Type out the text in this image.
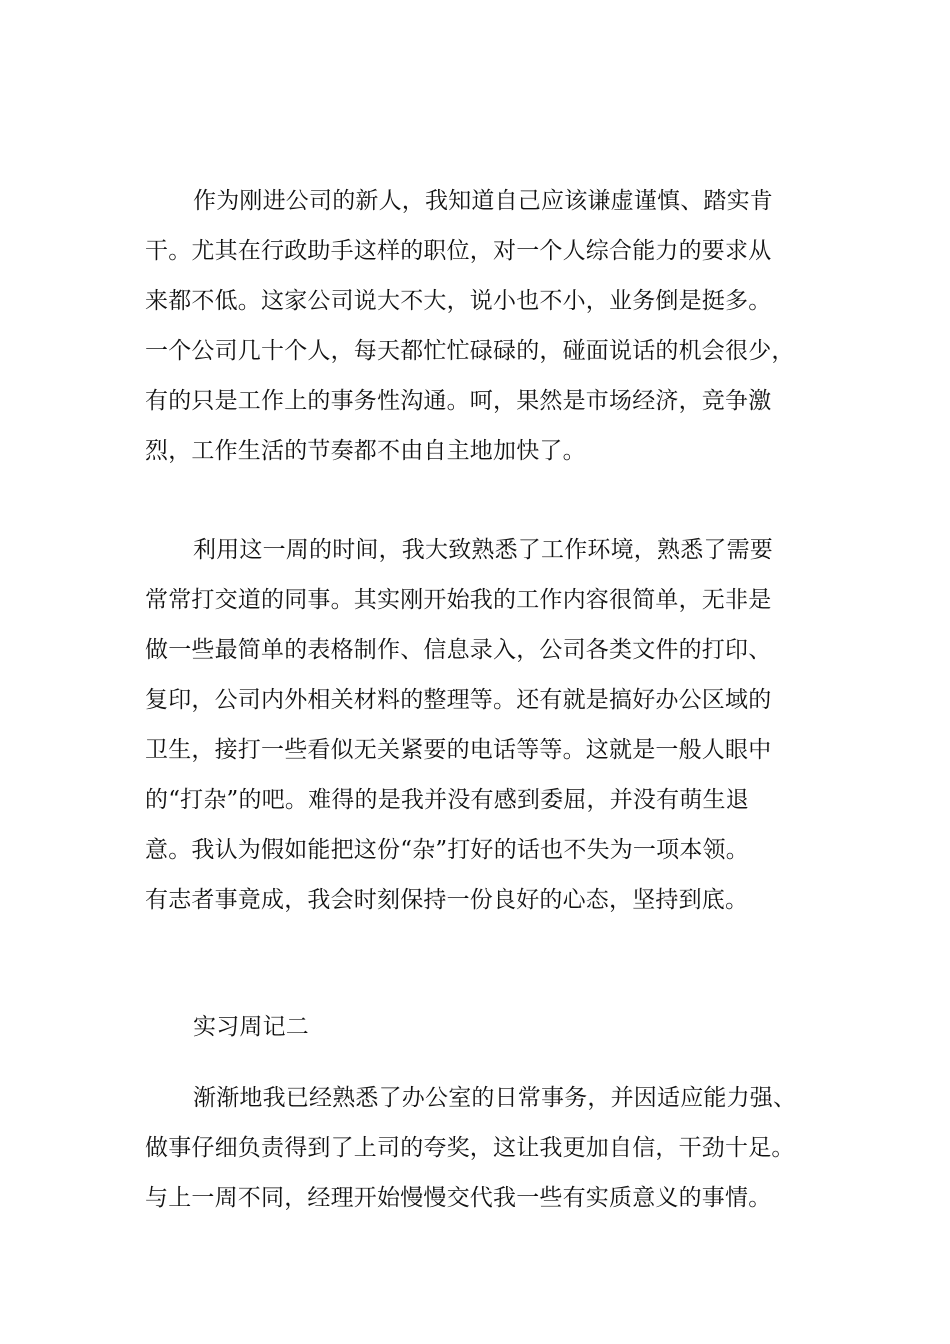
作为刚进公司的新人，我知道自己应该谦虚谨慎、踏实肯
干。尤其在行政助手这样的职位，对一个人综合能力的要求从
来都不低。这家公司说大不大，说小也不小，业务倒是挺多。
一个公司几十个人，每天都忙忙碌碌的，碰面说话的机会很少，
有的只是工作上的事务性沟通。呵，果然是市场经济，竞争激
烈，工作生活的节奏都不由自主地加快了。
利用这一周的时间，我大致熟悉了工作环境，熟悉了需要
常常打交道的同事。其实刚开始我的工作内容很简单，无非是
做一些最简单的表格制作、信息录入，公司各类文件的打印、
复印，公司内外相关材料的整理等。还有就是搞好办公区域的
卫生，接打一些看似无关紧要的电话等等。这就是一般人眼中
的“打杂”的吧。难得的是我并没有感到委屈，并没有萌生退
意。我认为假如能把这份“杂”打好的话也不失为一项本领。
有志者事竟成，我会时刻保持一份良好的心态，坚持到底。
实习周记二
渐渐地我已经熟悉了办公室的日常事务，并因适应能力强、
做事仔细负责得到了上司的夸奖，这让我更加自信，干劲十足。
与上一周不同，经理开始慢慢交代我一些有实质意义的事情。
